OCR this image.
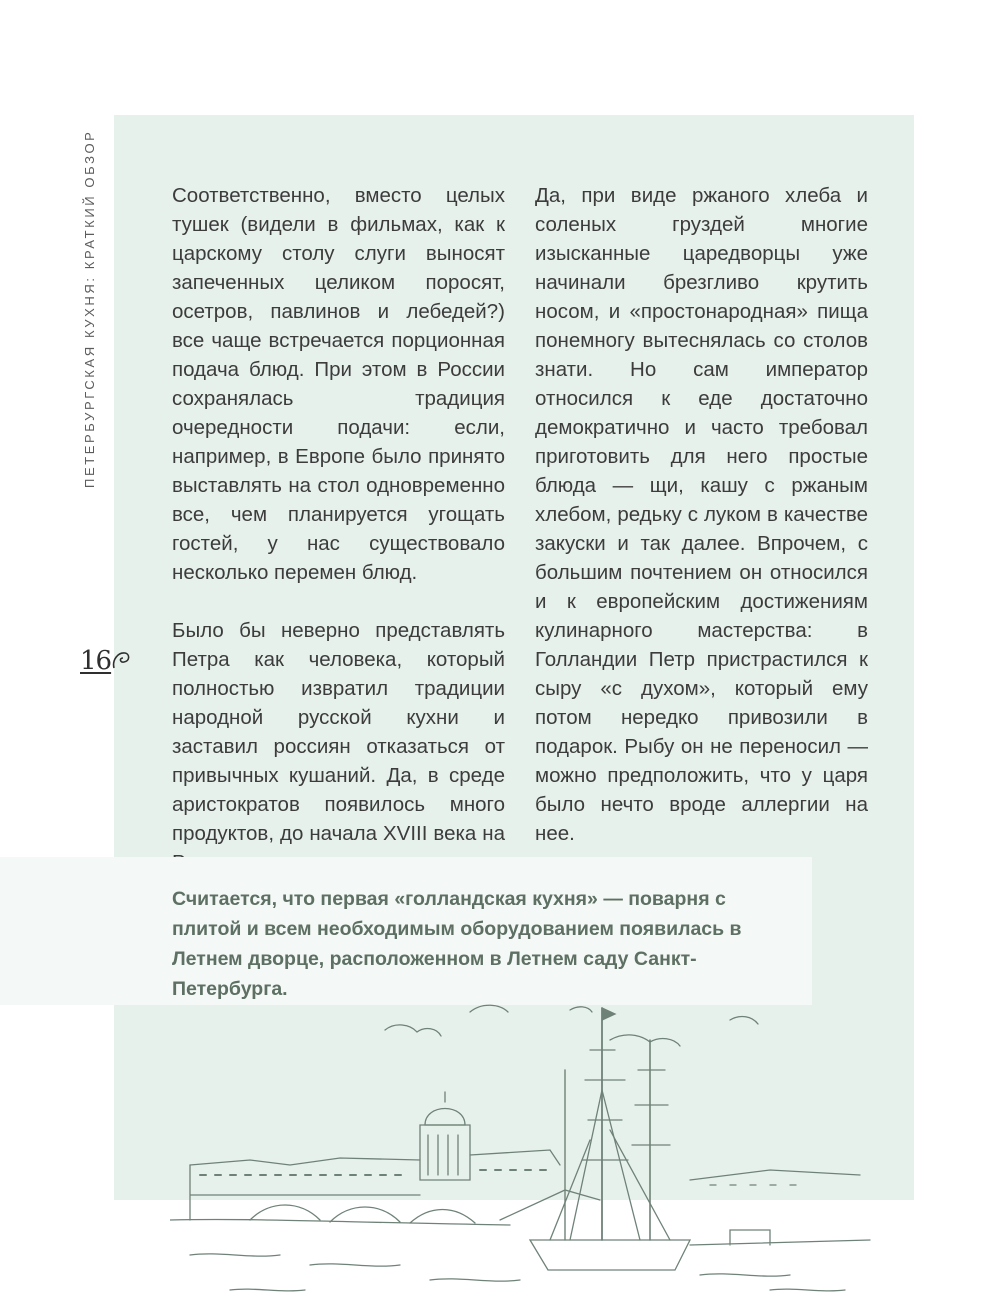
ПЕТЕРБУРГСКАЯ КУХНЯ: КРАТКИЙ ОБЗОР
16

Соответственно, вместо целых тушек (видели в фильмах, как к царскому столу слуги выносят запеченных целиком поросят, осетров, павлинов и лебедей?) все чаще встречается порционная подача блюд. При этом в России сохранялась традиция очередности подачи: если, например, в Европе было принято выставлять на стол одновременно все, чем планируется угощать гостей, у нас существовало несколько перемен блюд.

Было бы неверно представлять Петра как человека, который полностью извратил традиции народной русской кухни и заставил россиян отказаться от привычных кушаний. Да, в среде аристократов появилось много продуктов, до начала XVIII века на

Да, при виде ржаного хлеба и соленых груздей многие изысканные царедворцы уже начинали брезгливо крутить носом, и «простонародная» пища понемногу вытеснялась со столов знати. Но сам император относился к еде достаточно демократично и часто требовал приготовить для него простые блюда — щи, кашу с ржаным хлебом, редьку с луком в качестве закуски и так далее. Впрочем, с большим почтением он относился и к европейским достижениям кулинарного мастерства: в Голландии Петр пристрастился к сыру «с духом», который ему потом нередко привозили в подарок. Рыбу он не переносил — можно предположить, что у царя было нечто вроде аллергии на нее.

Считается, что первая «голландская кухня» — поварня с плитой и всем необходимым оборудованием появилась в Летнем дворце, расположенном в Летнем саду Санкт-Петербурга.
